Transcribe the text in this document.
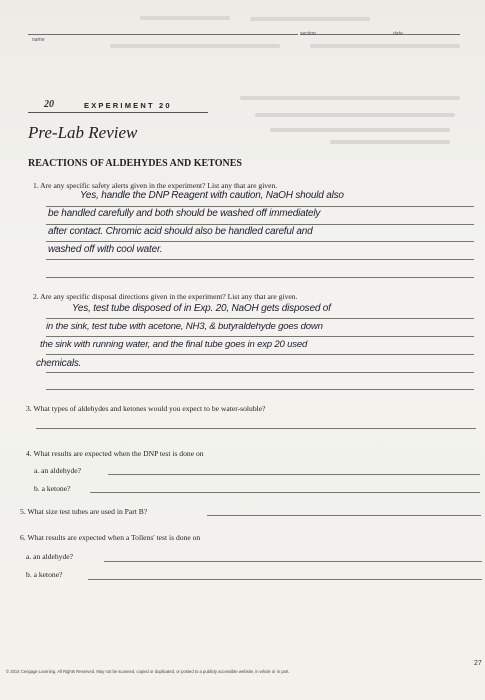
name
section	date
20	EXPERIMENT 20
Pre-Lab Review
REACTIONS OF ALDEHYDES AND KETONES
1. Are any specific safety alerts given in the experiment? List any that are given.
Yes, handle the DNP Reagent with caution, NaOH should also
be handled carefully and both should be washed off immediately
after contact. Chromic acid should also be handled careful and
washed off with cool water.
2. Are any specific disposal directions given in the experiment? List any that are given.
Yes, test tube disposed of in Exp. 20, NaOH gets disposed of
in the sink, test tube with acetone, NH3, & butyraldehyde goes down
the sink with running water, and the final tube goes in exp 20 used
chemicals.
3. What types of aldehydes and ketones would you expect to be water-soluble?
4. What results are expected when the DNP test is done on
a. an aldehyde?
b. a ketone?
5. What size test tubes are used in Part B?
6. What results are expected when a Tollens' test is done on
a. an aldehyde?
b. a ketone?
© 2014 Cengage Learning. All Rights Reserved. May not be scanned, copied or duplicated, or posted to a publicly accessible website, in whole or in part.
27
